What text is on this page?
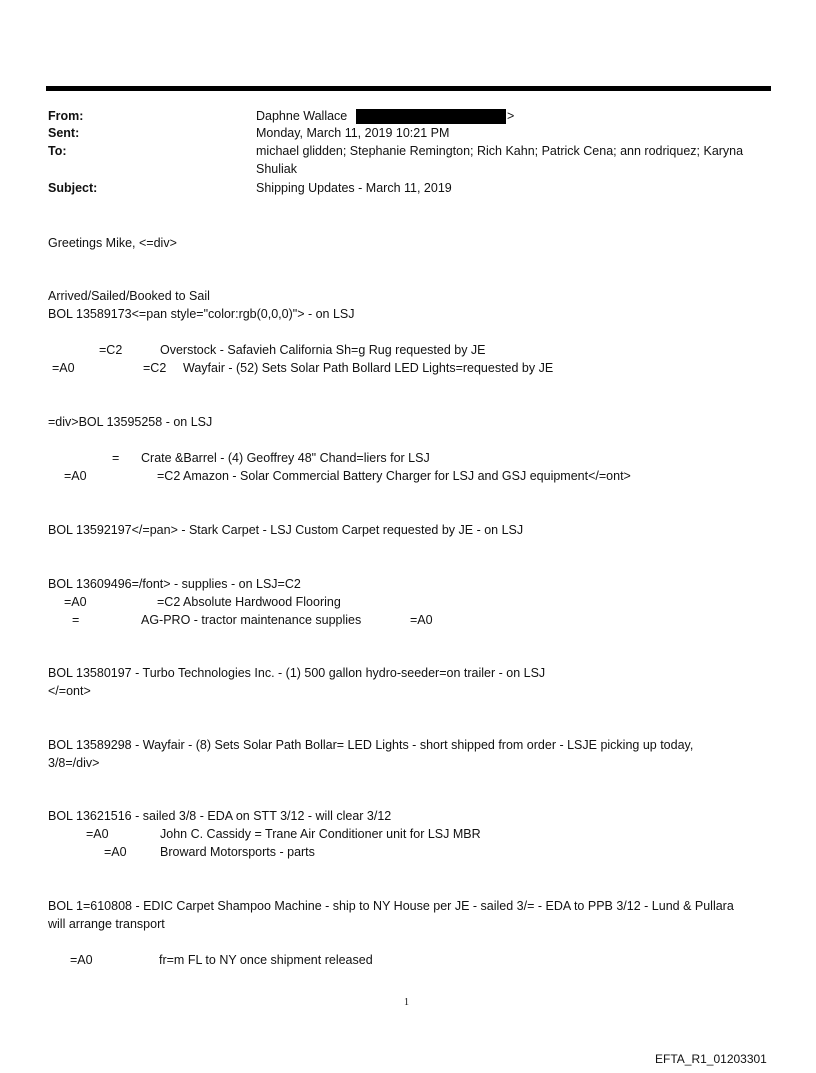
From:	Daphne Wallace	>
Sent:	Monday, March 11, 2019 10:21 PM
To:	michael glidden; Stephanie Remington; Rich Kahn; Patrick Cena; ann rodriquez; Karyna
Shuliak
Subject:	Shipping Updates - March 11, 2019
Greetings Mike, <=div>
Arrived/Sailed/Booked to Sail
BOL 13589173<=pan style="color:rgb(0,0,0)"> - on LSJ
=C2	Overstock - Safavieh California Sh=g Rug requested by JE
=A0	=C2 Wayfair - (52) Sets Solar Path Bollard LED Lights=requested by JE
=div>BOL 13595258 - on LSJ
= Crate &Barrel - (4) Geoffrey 48" Chand=liers for LSJ
=A0	=C2 Amazon - Solar Commercial Battery Charger for LSJ and GSJ equipment</=ont>
BOL 13592197</=pan> - Stark Carpet - LSJ Custom Carpet requested by JE - on LSJ
BOL 13609496=/font> - supplies - on LSJ=C2
=A0	=C2 Absolute Hardwood Flooring
=	AG-PRO - tractor maintenance supplies	=A0
BOL 13580197 - Turbo Technologies Inc. - (1) 500 gallon hydro-seeder=on trailer - on LSJ
</=ont>
BOL 13589298 - Wayfair - (8) Sets Solar Path Bollar= LED Lights - short shipped from order - LSJE picking up today,
3/8=/div>
BOL 13621516 - sailed 3/8 - EDA on STT 3/12 - will clear 3/12
=A0	John C. Cassidy = Trane Air Conditioner unit for LSJ MBR
=A0	Broward Motorsports - parts
BOL 1=610808 - EDIC Carpet Shampoo Machine - ship to NY House per JE - sailed 3/= - EDA to PPB 3/12 - Lund & Pullara
will arrange transport
=A0	fr=m FL to NY once shipment released
1
EFTA_R1_01203301
